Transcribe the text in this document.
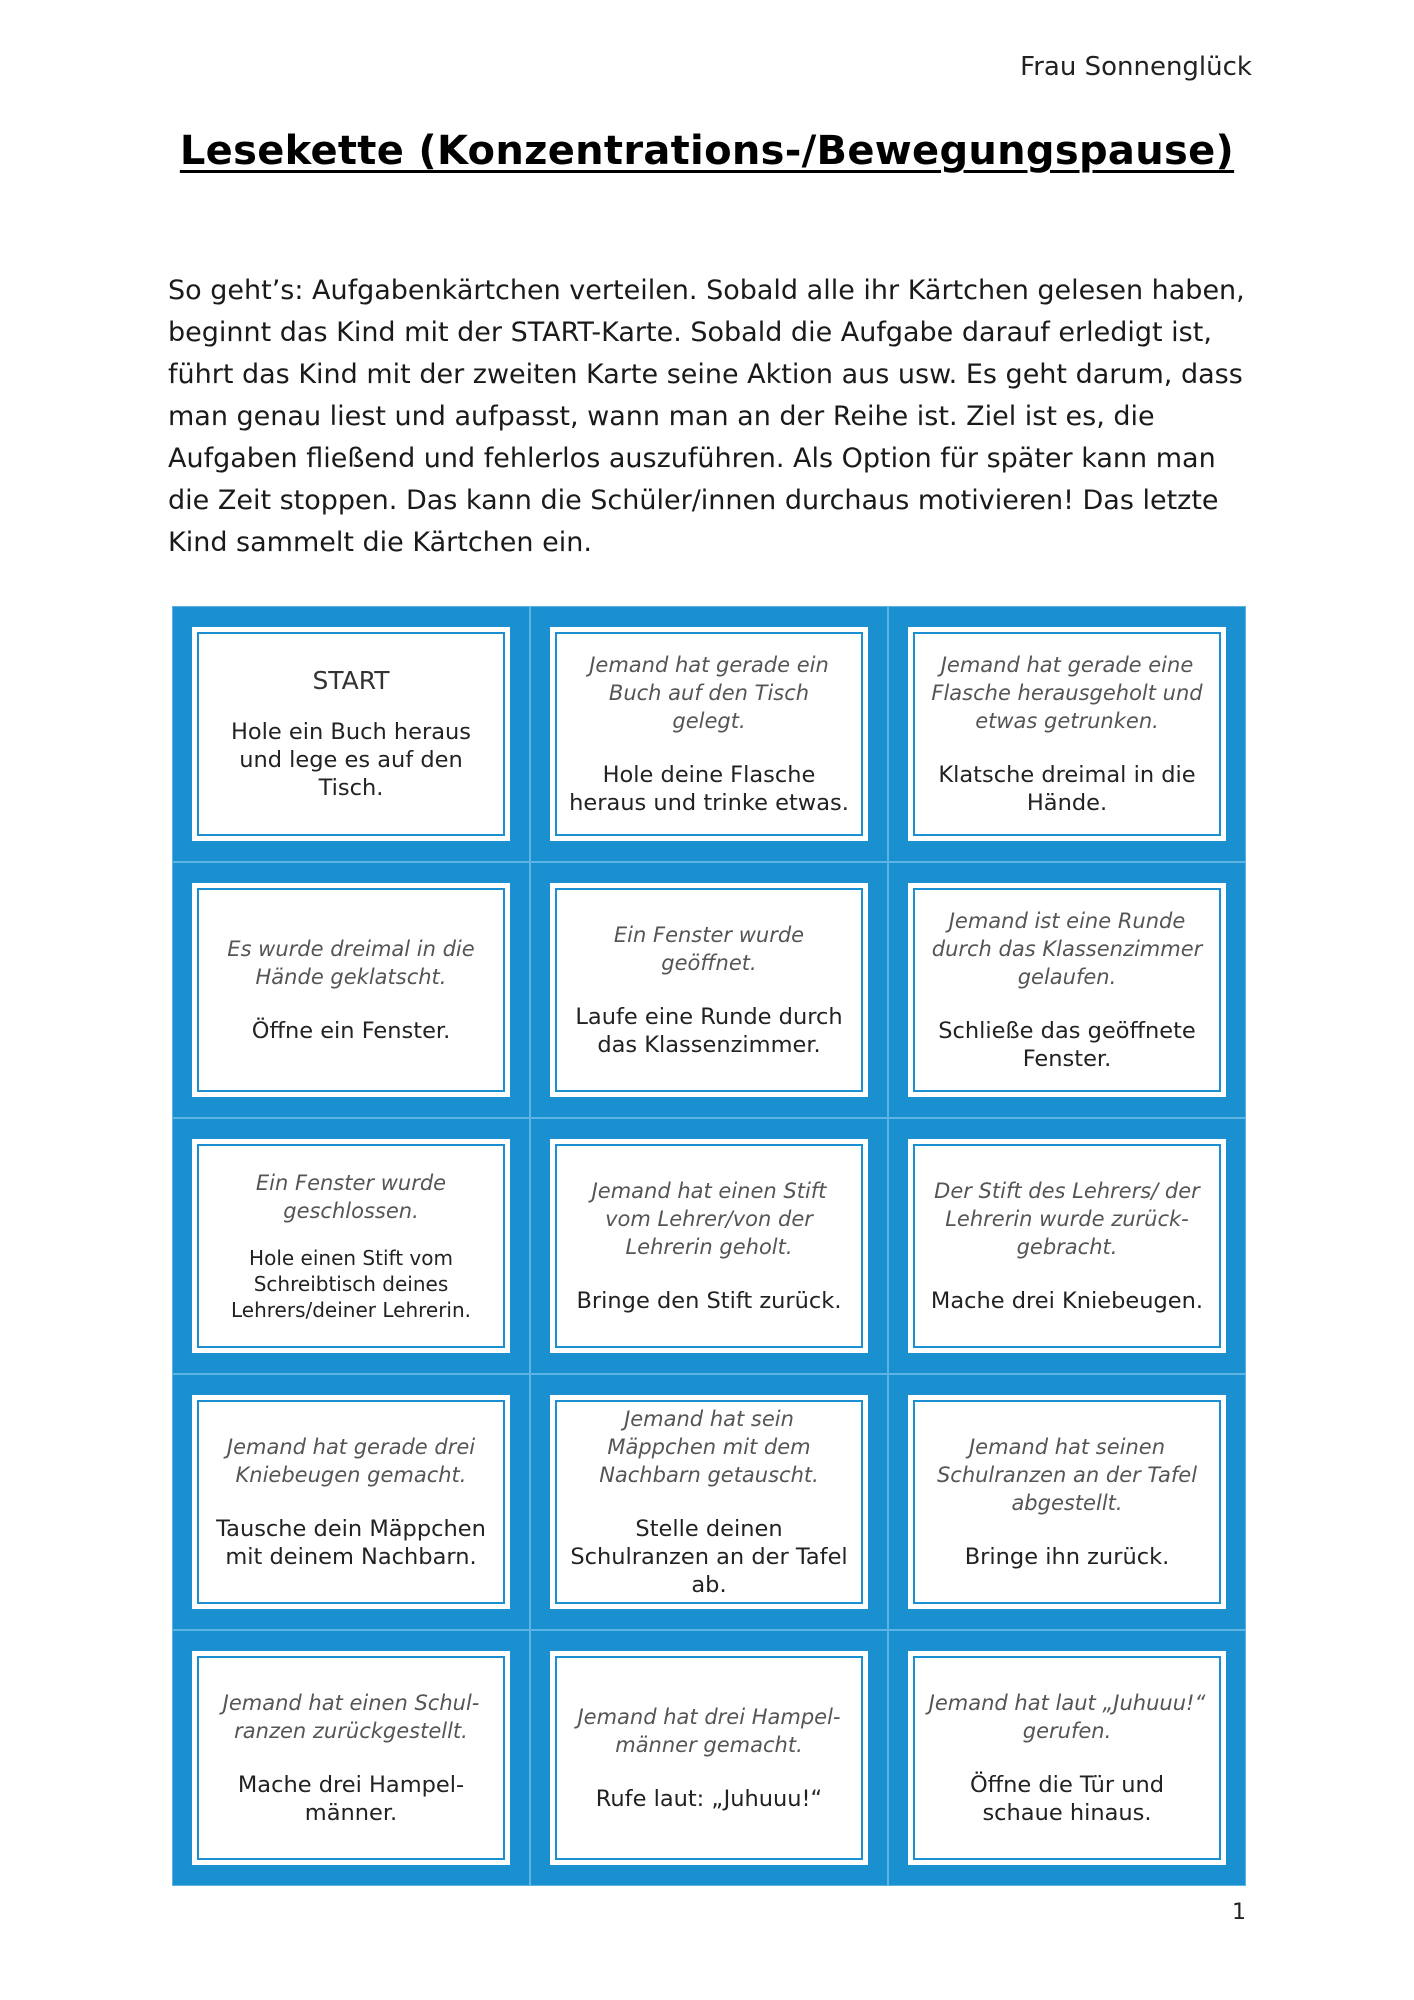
Frau Sonnenglück
Lesekette (Konzentrations-/Bewegungspause)
So geht’s: Aufgabenkärtchen verteilen. Sobald alle ihr Kärtchen gelesen haben, beginnt das Kind mit der START-Karte. Sobald die Aufgabe darauf erledigt ist, führt das Kind mit der zweiten Karte seine Aktion aus usw. Es geht darum, dass man genau liest und aufpasst, wann man an der Reihe ist. Ziel ist es, die Aufgaben fließend und fehlerlos auszuführen. Als Option für später kann man die Zeit stoppen. Das kann die Schüler/innen durchaus motivieren! Das letzte Kind sammelt die Kärtchen ein.
START
Hole ein Buch heraus und lege es auf den Tisch.
Jemand hat gerade ein Buch auf den Tisch gelegt.
Hole deine Flasche heraus und trinke etwas.
Jemand hat gerade eine Flasche herausgeholt und etwas getrunken.
Klatsche dreimal in die Hände.
Es wurde dreimal in die Hände geklatscht.
Öffne ein Fenster.
Ein Fenster wurde geöffnet.
Laufe eine Runde durch das Klassenzimmer.
Jemand ist eine Runde durch das Klassenzimmer gelaufen.
Schließe das geöffnete Fenster.
Ein Fenster wurde geschlossen.
Hole einen Stift vom Schreibtisch deines Lehrers/deiner Lehrerin.
Jemand hat einen Stift vom Lehrer/von der Lehrerin geholt.
Bringe den Stift zurück.
Der Stift des Lehrers/ der Lehrerin wurde zurück-gebracht.
Mache drei Kniebeugen.
Jemand hat gerade drei Kniebeugen gemacht.
Tausche dein Mäppchen mit deinem Nachbarn.
Jemand hat sein Mäppchen mit dem Nachbarn getauscht.
Stelle deinen Schulranzen an der Tafel ab.
Jemand hat seinen Schulranzen an der Tafel abgestellt.
Bringe ihn zurück.
Jemand hat einen Schul-ranzen zurückgestellt.
Mache drei Hampel-männer.
Jemand hat drei Hampel-männer gemacht.
Rufe laut: „Juhuuu!“
Jemand hat laut „Juhuuu!“ gerufen.
Öffne die Tür und schaue hinaus.
1
